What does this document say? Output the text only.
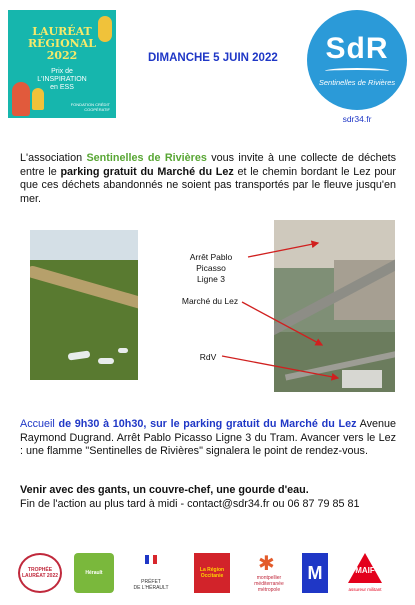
LAURÉAT
RÉGIONAL
2022
Prix de
L'INSPIRATION
en ESS
FONDATION CRÉDIT
COOPÉRATIF
DIMANCHE 5 JUIN 2022	SdR
Sentinelles de Rivières
sdr34.fr

L'association Sentinelles de Rivières vous invite à une collecte de déchets entre le parking gratuit du Marché du Lez et le chemin bordant le Lez pour que ces déchets abandonnés ne soient pas transportés par le fleuve jusqu'en mer.

Arrêt Pablo Picasso
Ligne 3
Marché du Lez
RdV

Accueil de 9h30 à 10h30, sur le parking gratuit du Marché du Lez Avenue Raymond Dugrand. Arrêt Pablo Picasso Ligne 3 du Tram. Avancer vers le Lez : une flamme "Sentinelles de Rivières" signalera le point de rendez-vous.

Venir avec des gants, un couvre-chef, une gourde d'eau.
Fin de l'action au plus tard à midi - contact@sdr34.fr ou 06 87 79 85 81
TROPHÉE
LAURÉAT 2022	Hérault
PRÉFET
DE L'HÉRAULT
La Région
Occitanie
✱
montpellier
méditerranée
métropole
M	MAIF
assureur militant
